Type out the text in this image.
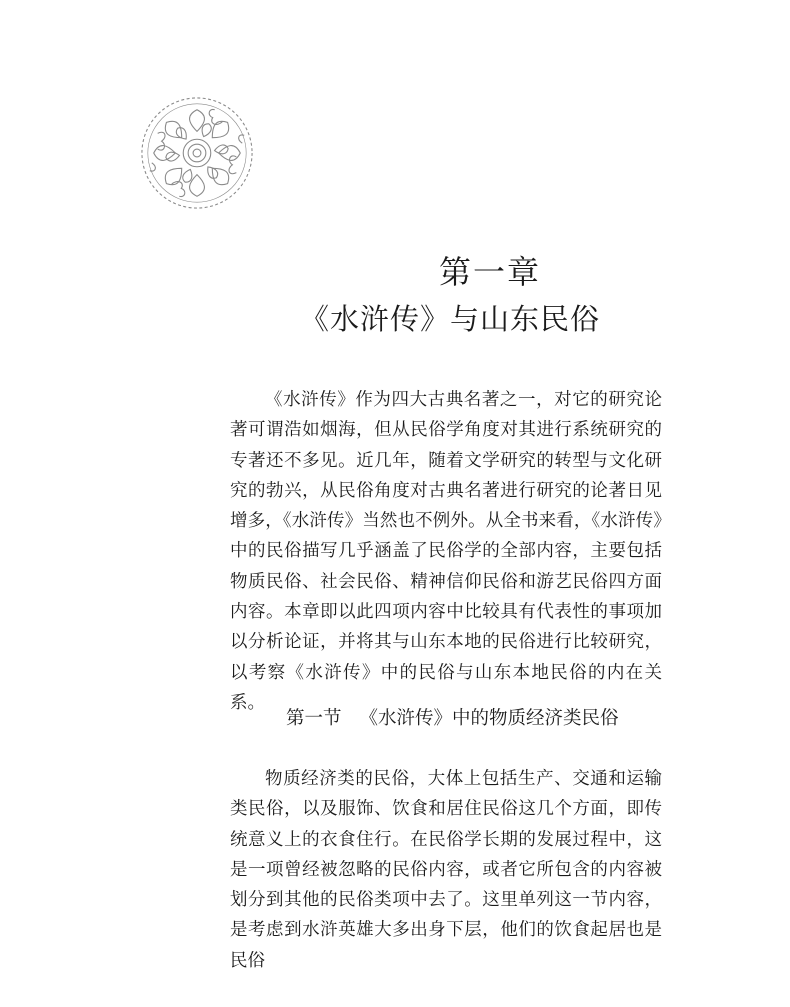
第一章
《水浒传》与山东民俗

《水浒传》作为四大古典名著之一，对它的研究论著可谓浩如烟海，但从民俗学角度对其进行系统研究的专著还不多见。近几年，随着文学研究的转型与文化研究的勃兴，从民俗角度对古典名著进行研究的论著日见增多，《水浒传》当然也不例外。从全书来看，《水浒传》中的民俗描写几乎涵盖了民俗学的全部内容，主要包括物质民俗、社会民俗、精神信仰民俗和游艺民俗四方面内容。本章即以此四项内容中比较具有代表性的事项加以分析论证，并将其与山东本地的民俗进行比较研究，以考察《水浒传》中的民俗与山东本地民俗的内在关系。

第一节 《水浒传》中的物质经济类民俗

物质经济类的民俗，大体上包括生产、交通和运输类民俗，以及服饰、饮食和居住民俗这几个方面，即传统意义上的衣食住行。在民俗学长期的发展过程中，这是一项曾经被忽略的民俗内容，或者它所包含的内容被划分到其他的民俗类项中去了。这里单列这一节内容，是考虑到水浒英雄大多出身下层，他们的饮食起居也是民俗
